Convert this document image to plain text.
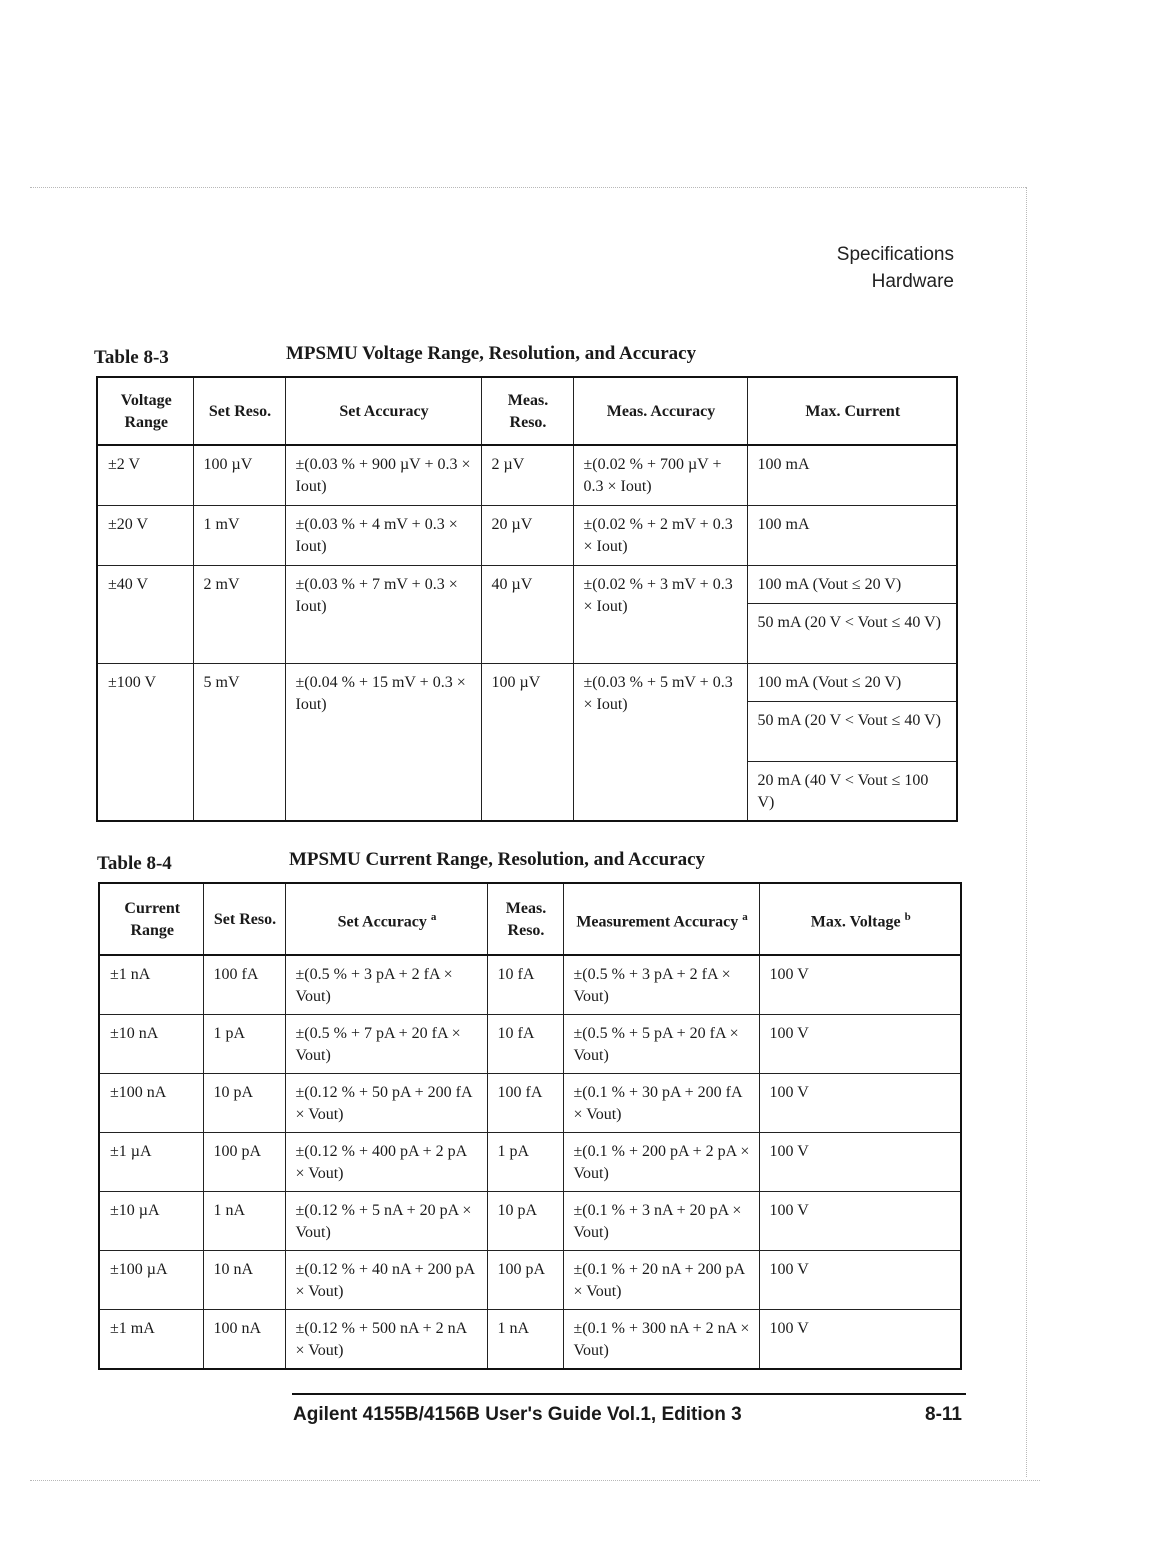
Specifications
Hardware
Table 8-3	MPSMU Voltage Range, Resolution, and Accuracy
Voltage Range	Set Reso.	Set Accuracy	Meas. Reso.	Meas. Accuracy	Max. Current
±2 V	100 µV	±(0.03 % + 900 µV + 0.3 × Iout)	2 µV	±(0.02 % + 700 µV + 0.3 × Iout)	100 mA
±20 V	1 mV	±(0.03 % + 4 mV + 0.3 × Iout)	20 µV	±(0.02 % + 2 mV + 0.3 × Iout)	100 mA
±40 V	2 mV	±(0.03 % + 7 mV + 0.3 × Iout)	40 µV	±(0.02 % + 3 mV + 0.3 × Iout)	100 mA (Vout ≤ 20 V)
					50 mA (20 V < Vout ≤ 40 V)
±100 V	5 mV	±(0.04 % + 15 mV + 0.3 × Iout)	100 µV	±(0.03 % + 5 mV + 0.3 × Iout)	100 mA (Vout ≤ 20 V)
					50 mA (20 V < Vout ≤ 40 V)
					20 mA (40 V < Vout ≤ 100 V)
Table 8-4	MPSMU Current Range, Resolution, and Accuracy
Current Range	Set Reso.	Set Accuracy $^a$	Meas. Reso.	Measurement Accuracy $^a$	Max. Voltage $^b$
±1 nA	100 fA	±(0.5 % + 3 pA + 2 fA × Vout)	10 fA	±(0.5 % + 3 pA + 2 fA × Vout)	100 V
±10 nA	1 pA	±(0.5 % + 7 pA + 20 fA × Vout)	10 fA	±(0.5 % + 5 pA + 20 fA × Vout)	100 V
±100 nA	10 pA	±(0.12 % + 50 pA + 200 fA × Vout)	100 fA	±(0.1 % + 30 pA + 200 fA × Vout)	100 V
±1 µA	100 pA	±(0.12 % + 400 pA + 2 pA × Vout)	1 pA	±(0.1 % + 200 pA + 2 pA × Vout)	100 V
±10 µA	1 nA	±(0.12 % + 5 nA + 20 pA × Vout)	10 pA	±(0.1 % + 3 nA + 20 pA × Vout)	100 V
±100 µA	10 nA	±(0.12 % + 40 nA + 200 pA × Vout)	100 pA	±(0.1 % + 20 nA + 200 pA × Vout)	100 V
±1 mA	100 nA	±(0.12 % + 500 nA + 2 nA × Vout)	1 nA	±(0.1 % + 300 nA + 2 nA × Vout)	100 V
Agilent 4155B/4156B User's Guide Vol.1, Edition 3	8-11
